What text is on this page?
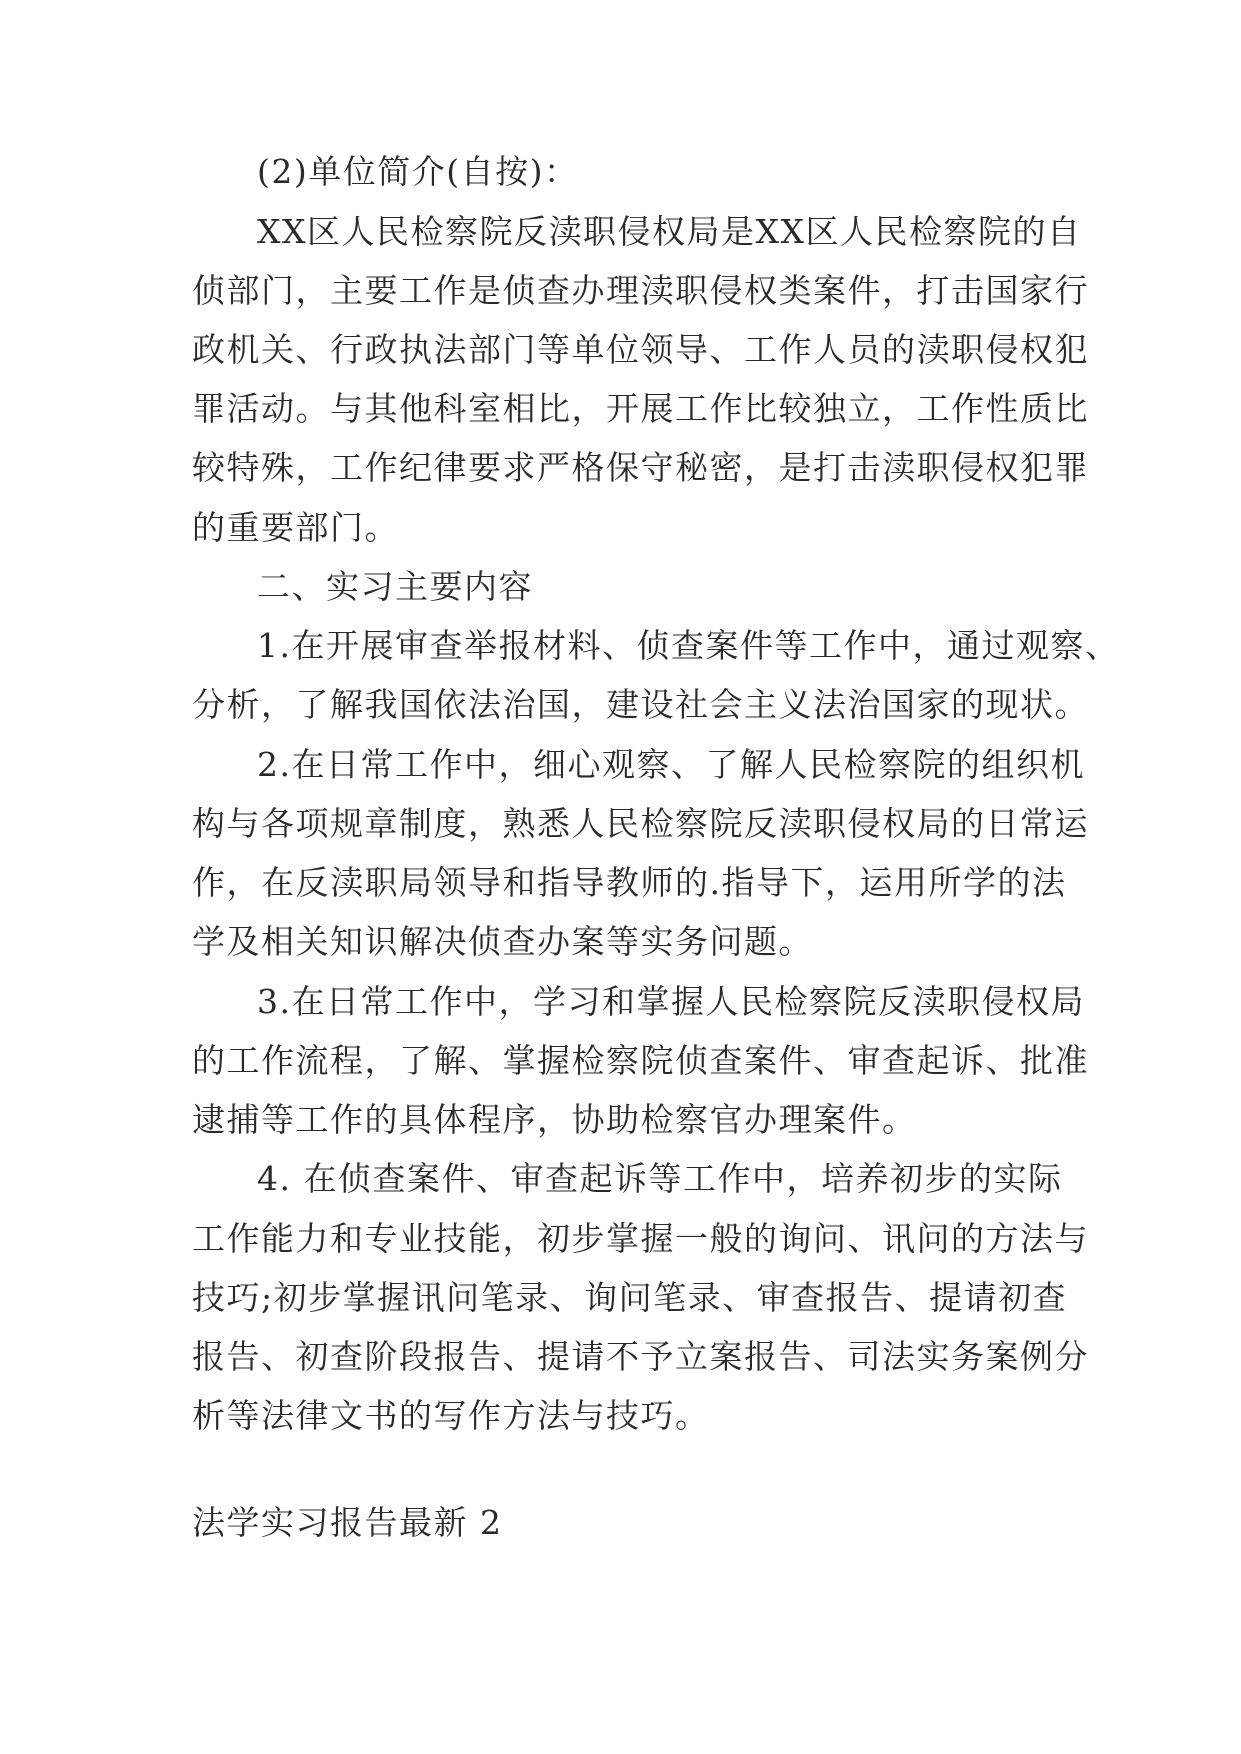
(2)单位简介(自按)：
XX区人民检察院反渎职侵权局是XX区人民检察院的自
侦部门，主要工作是侦查办理渎职侵权类案件，打击国家行
政机关、行政执法部门等单位领导、工作人员的渎职侵权犯
罪活动。与其他科室相比，开展工作比较独立，工作性质比
较特殊，工作纪律要求严格保守秘密，是打击渎职侵权犯罪
的重要部门。
二、实习主要内容
1.在开展审查举报材料、侦查案件等工作中，通过观察、
分析，了解我国依法治国，建设社会主义法治国家的现状。
2.在日常工作中，细心观察、了解人民检察院的组织机
构与各项规章制度，熟悉人民检察院反渎职侵权局的日常运
作，在反渎职局领导和指导教师的.指导下，运用所学的法
学及相关知识解决侦查办案等实务问题。
3.在日常工作中，学习和掌握人民检察院反渎职侵权局
的工作流程，了解、掌握检察院侦查案件、审查起诉、批准
逮捕等工作的具体程序，协助检察官办理案件。
4. 在侦查案件、审查起诉等工作中，培养初步的实际
工作能力和专业技能，初步掌握一般的询问、讯问的方法与
技巧;初步掌握讯问笔录、询问笔录、审查报告、提请初查
报告、初查阶段报告、提请不予立案报告、司法实务案例分
析等法律文书的写作方法与技巧。
法学实习报告最新 2
